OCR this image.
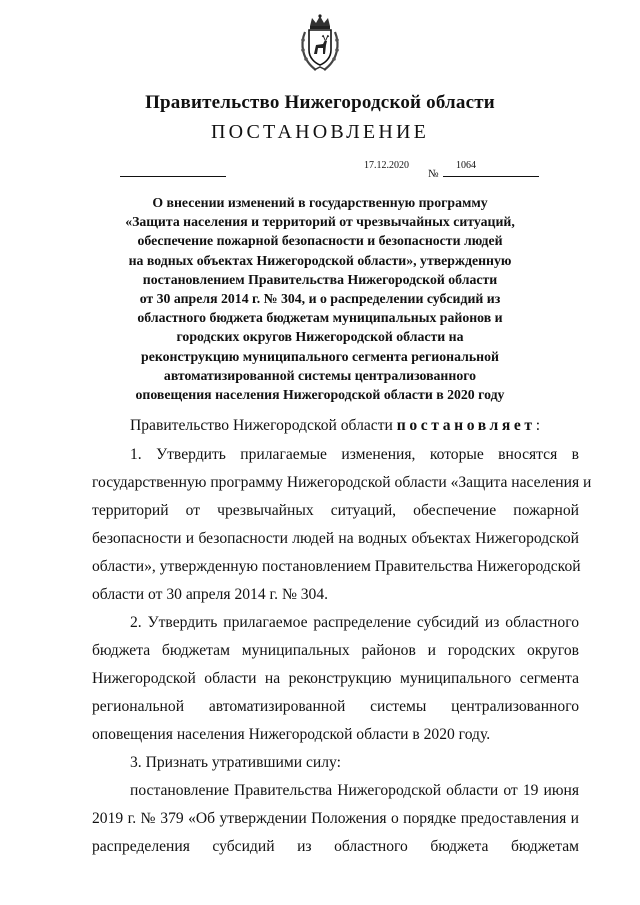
Правительство Нижегородской области
ПОСТАНОВЛЕНИЕ
17.12.2020
№
1064

О внесении изменений в государственную программу
«Защита населения и территорий от чрезвычайных ситуаций,
обеспечение пожарной безопасности и безопасности людей
на водных объектах Нижегородской области», утвержденную
постановлением Правительства Нижегородской области
от 30 апреля 2014 г. № 304, и о распределении субсидий из
областного бюджета бюджетам муниципальных районов и
городских округов Нижегородской области на
реконструкцию муниципального сегмента региональной
автоматизированной системы централизованного
оповещения населения Нижегородской области в 2020 году

Правительство Нижегородской области постановляет:
1. Утвердить прилагаемые изменения, которые вносятся в
государственную программу Нижегородской области «Защита населения и
территорий от чрезвычайных ситуаций, обеспечение пожарной
безопасности и безопасности людей на водных объектах Нижегородской
области», утвержденную постановлением Правительства Нижегородской
области от 30 апреля 2014 г. № 304.
2. Утвердить прилагаемое распределение субсидий из областного
бюджета бюджетам муниципальных районов и городских округов
Нижегородской области на реконструкцию муниципального сегмента
региональной автоматизированной системы централизованного
оповещения населения Нижегородской области в 2020 году.
3. Признать утратившими силу:
постановление Правительства Нижегородской области от 19 июня
2019 г. № 379 «Об утверждении Положения о порядке предоставления и
распределения субсидий из областного бюджета бюджетам
